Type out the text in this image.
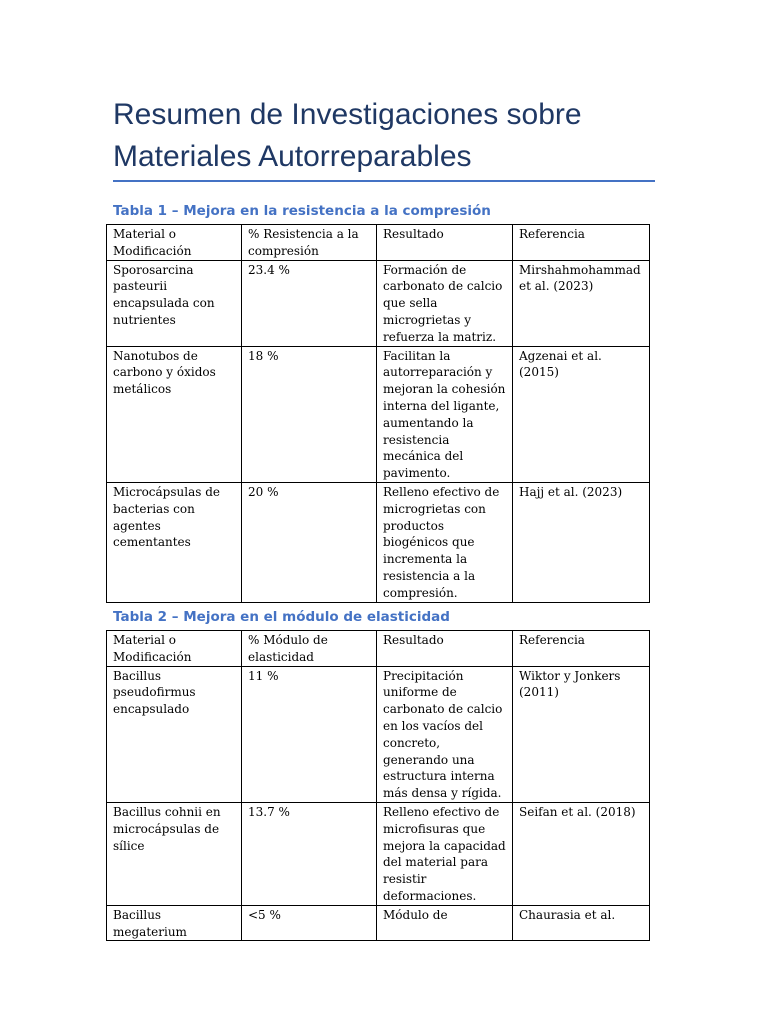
Resumen de Investigaciones sobre Materiales Autorreparables
Tabla 1 – Mejora en la resistencia a la compresión
Material o Modificación	% Resistencia a la compresión	Resultado	Referencia
Sporosarcina pasteurii encapsulada con nutrientes	23.4 %	Formación de carbonato de calcio que sella microgrietas y refuerza la matriz.	Mirshahmohammad et al. (2023)
Nanotubos de carbono y óxidos metálicos	18 %	Facilitan la autorreparación y mejoran la cohesión interna del ligante, aumentando la resistencia mecánica del pavimento.	Agzenai et al. (2015)
Microcápsulas de bacterias con agentes cementantes	20 %	Relleno efectivo de microgrietas con productos biogénicos que incrementa la resistencia a la compresión.	Hajj et al. (2023)
Tabla 2 – Mejora en el módulo de elasticidad
Material o Modificación	% Módulo de elasticidad	Resultado	Referencia
Bacillus pseudofirmus encapsulado	11 %	Precipitación uniforme de carbonato de calcio en los vacíos del concreto, generando una estructura interna más densa y rígida.	Wiktor y Jonkers (2011)
Bacillus cohnii en microcápsulas de sílice	13.7 %	Relleno efectivo de microfisuras que mejora la capacidad del material para resistir deformaciones.	Seifan et al. (2018)
Bacillus megaterium	<5 %	Módulo de	Chaurasia et al.
